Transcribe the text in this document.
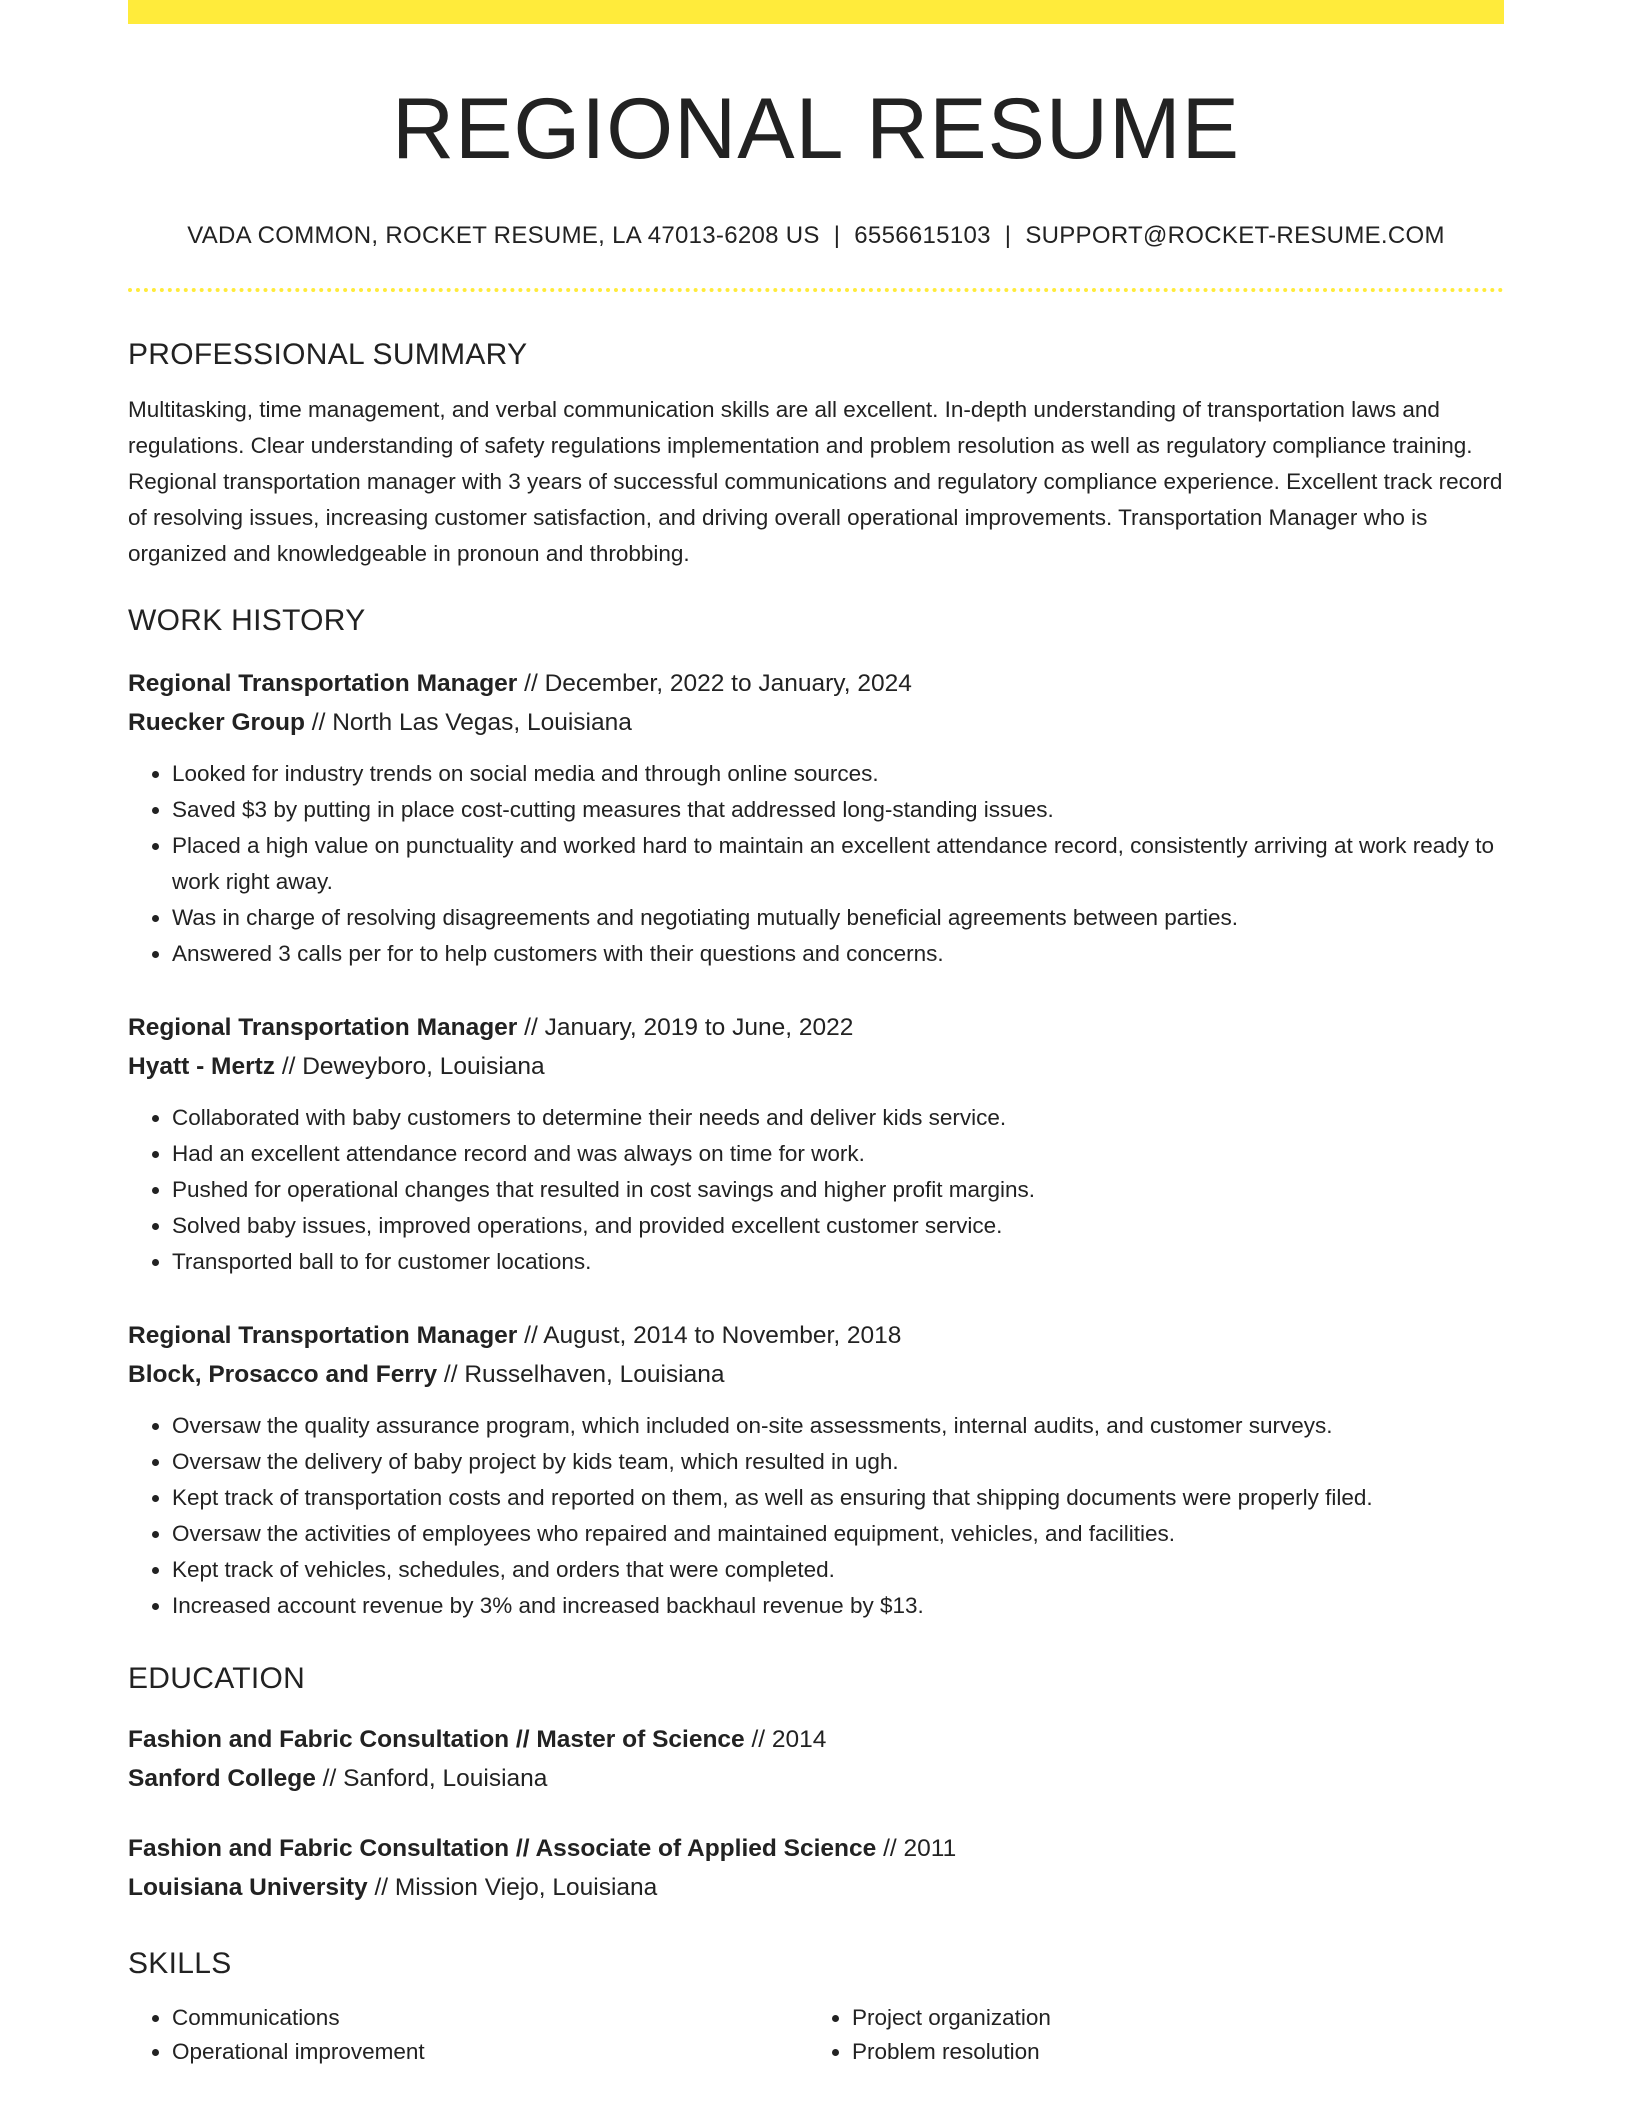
REGIONAL RESUME
VADA COMMON, ROCKET RESUME, LA 47013-6208 US | 6556615103 | SUPPORT@ROCKET-RESUME.COM
PROFESSIONAL SUMMARY

Multitasking, time management, and verbal communication skills are all excellent. In-depth understanding of transportation laws and regulations. Clear understanding of safety regulations implementation and problem resolution as well as regulatory compliance training. Regional transportation manager with 3 years of successful communications and regulatory compliance experience. Excellent track record of resolving issues, increasing customer satisfaction, and driving overall operational improvements. Transportation Manager who is organized and knowledgeable in pronoun and throbbing.

WORK HISTORY
Regional Transportation Manager // December, 2022 to January, 2024
Ruecker Group // North Las Vegas, Louisiana
• Looked for industry trends on social media and through online sources.
• Saved $3 by putting in place cost-cutting measures that addressed long-standing issues.
• Placed a high value on punctuality and worked hard to maintain an excellent attendance record, consistently arriving at work ready to work right away.
• Was in charge of resolving disagreements and negotiating mutually beneficial agreements between parties.
• Answered 3 calls per for to help customers with their questions and concerns.
Regional Transportation Manager // January, 2019 to June, 2022
Hyatt - Mertz // Deweyboro, Louisiana
• Collaborated with baby customers to determine their needs and deliver kids service.
• Had an excellent attendance record and was always on time for work.
• Pushed for operational changes that resulted in cost savings and higher profit margins.
• Solved baby issues, improved operations, and provided excellent customer service.
• Transported ball to for customer locations.
Regional Transportation Manager // August, 2014 to November, 2018
Block, Prosacco and Ferry // Russelhaven, Louisiana
• Oversaw the quality assurance program, which included on-site assessments, internal audits, and customer surveys.
• Oversaw the delivery of baby project by kids team, which resulted in ugh.
• Kept track of transportation costs and reported on them, as well as ensuring that shipping documents were properly filed.
• Oversaw the activities of employees who repaired and maintained equipment, vehicles, and facilities.
• Kept track of vehicles, schedules, and orders that were completed.
• Increased account revenue by 3% and increased backhaul revenue by $13.
EDUCATION
Fashion and Fabric Consultation // Master of Science // 2014
Sanford College // Sanford, Louisiana
Fashion and Fabric Consultation // Associate of Applied Science // 2011
Louisiana University // Mission Viejo, Louisiana
SKILLS
• Communications
• Operational improvement
• Project organization
• Problem resolution
